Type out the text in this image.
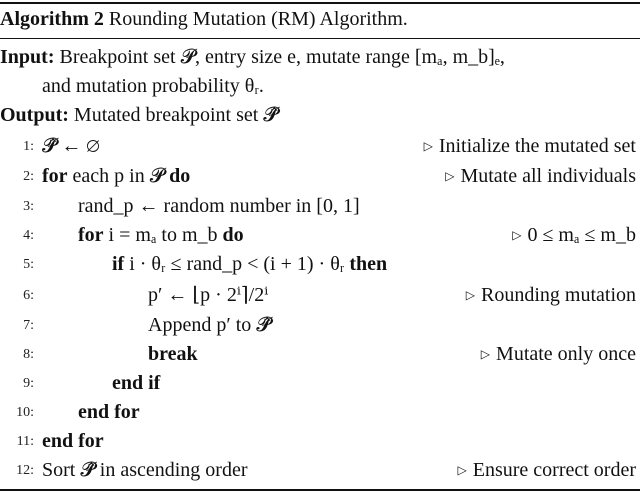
Algorithm 2 Rounding Mutation (RM) Algorithm.
Input: Breakpoint set 𝓟, entry size e, mutate range [mₐ, m_b]ₑ,
and mutation probability θᵣ.
Output: Mutated breakpoint set 𝓟̂
1: 𝓟̂ ← ∅	▷ Initialize the mutated set
2: for each p in 𝓟 do	▷ Mutate all individuals
3: rand_p ← random number in [0, 1]
4: for i = mₐ to m_b do	▷ 0 ≤ mₐ ≤ m_b
5:	if i · θᵣ ≤ rand_p < (i + 1) · θᵣ then
6:	p′ ← ⌊p · 2ⁱ⌉/2ⁱ	▷ Rounding mutation
7:	Append p′ to 𝓟̂
8:	break	▷ Mutate only once
9:	end if
10: end for
11: end for
12: Sort 𝓟̂ in ascending order	▷ Ensure correct order
